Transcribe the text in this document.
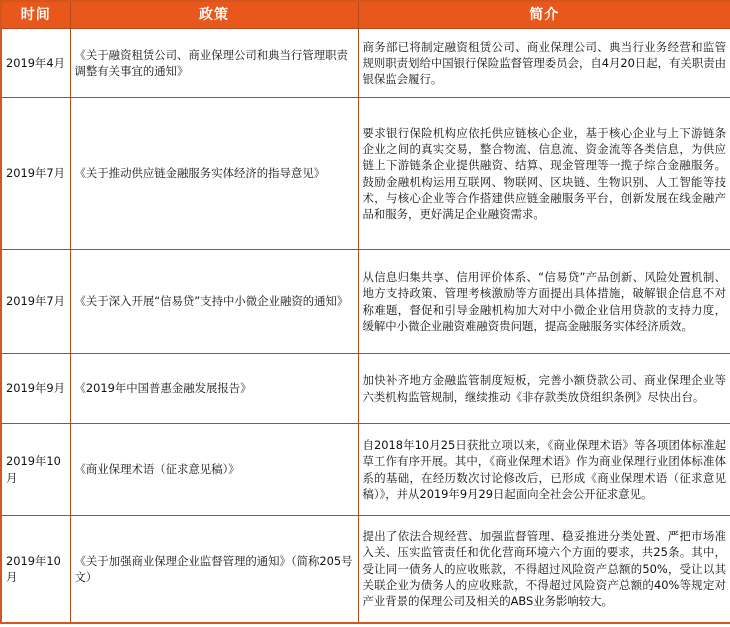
时间	政策	简介
2019年4月	《关于融资租赁公司、商业保理公司和典当行管理职责调整有关事宜的通知》	商务部已将制定融资租赁公司、商业保理公司、典当行业务经营和监管规则职责划给中国银行保险监督管理委员会，自4月20日起，有关职责由银保监会履行。
2019年7月	《关于推动供应链金融服务实体经济的指导意见》	要求银行保险机构应依托供应链核心企业，基于核心企业与上下游链条企业之间的真实交易，整合物流、信息流、资金流等各类信息，为供应链上下游链条企业提供融资、结算、现金管理等一揽子综合金融服务。鼓励金融机构运用互联网、物联网、区块链、生物识别、人工智能等技术，与核心企业等合作搭建供应链金融服务平台，创新发展在线金融产品和服务，更好满足企业融资需求。
2019年7月	《关于深入开展“信易贷”支持中小微企业融资的通知》	从信息归集共享、信用评价体系、“信易贷”产品创新、风险处置机制、地方支持政策、管理考核激励等方面提出具体措施，破解银企信息不对称难题，督促和引导金融机构加大对中小微企业信用贷款的支持力度，缓解中小微企业融资难融资贵问题，提高金融服务实体经济质效。
2019年9月	《2019年中国普惠金融发展报告》	加快补齐地方金融监管制度短板，完善小额贷款公司、商业保理企业等六类机构监管规制，继续推动《非存款类放贷组织条例》尽快出台。
2019年10月	《商业保理术语（征求意见稿）》	自2018年10月25日获批立项以来，《商业保理术语》等各项团体标准起草工作有序开展。其中，《商业保理术语》作为商业保理行业团体标准体系的基础，在经历数次讨论修改后，已形成《商业保理术语（征求意见稿）》，并从2019年9月29日起面向全社会公开征求意见。
2019年10月	《关于加强商业保理企业监督管理的通知》（简称205号文）	提出了依法合规经营、加强监督管理、稳妥推进分类处置、严把市场准入关、压实监管责任和优化营商环境六个方面的要求，共25条。其中，受让同一债务人的应收账款，不得超过风险资产总额的50%，受让以其关联企业为债务人的应收账款，不得超过风险资产总额的40%等规定对产业背景的保理公司及相关的ABS业务影响较大。
